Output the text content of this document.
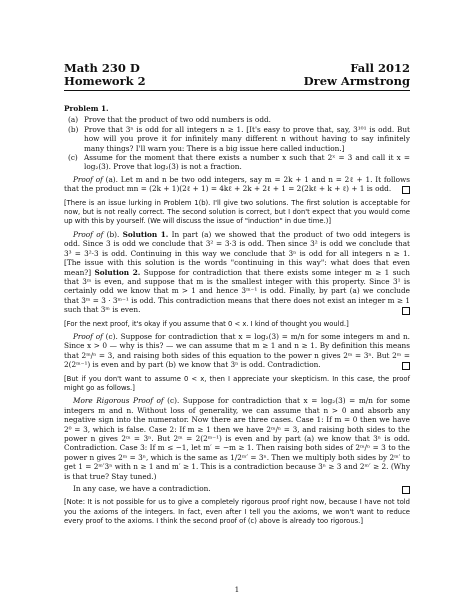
Math 230 D	Fall 2012
Homework 2	Drew Armstrong
Problem 1.
(a) Prove that the product of two odd numbers is odd.
(b) Prove that 3ⁿ is odd for all integers n ≥ 1. [It's easy to prove that, say, 3¹⁰¹ is odd. But how will you prove it for infinitely many different n without having to say infinitely many things? I'll warn you: There is a big issue here called induction.]
(c) Assume for the moment that there exists a number x such that 2ˣ = 3 and call it x = log₂(3). Prove that log₂(3) is not a fraction.
Proof of (a). Let m and n be two odd integers, say m = 2k + 1 and n = 2ℓ + 1. It follows that the product mn = (2k + 1)(2ℓ + 1) = 4kℓ + 2k + 2ℓ + 1 = 2(2kℓ + k + ℓ) + 1 is odd.
[There is an issue lurking in Problem 1(b). I'll give two solutions. The first solution is acceptable for now, but is not really correct. The second solution is correct, but I don't expect that you would come up with this by yourself. (We will discuss the issue of "induction" in due time.)]
Proof of (b). Solution 1. In part (a) we showed that the product of two odd integers is odd. Since 3 is odd we conclude that 3² = 3·3 is odd. Then since 3² is odd we conclude that 3³ = 3²·3 is odd. Continuing in this way we conclude that 3ⁿ is odd for all integers n ≥ 1. [The issue with this solution is the words "continuing in this way": what does that even mean?] Solution 2. Suppose for contradiction that there exists some integer m ≥ 1 such that 3ᵐ is even, and suppose that m is the smallest integer with this property. Since 3¹ is certainly odd we know that m > 1 and hence 3ᵐ⁻¹ is odd. Finally, by part (a) we conclude that 3ᵐ = 3 · 3ᵐ⁻¹ is odd. This contradiction means that there does not exist an integer m ≥ 1 such that 3ᵐ is even.
[For the next proof, it's okay if you assume that 0 < x. I kind of thought you would.]
Proof of (c). Suppose for contradiction that x = log₂(3) = m/n for some integers m and n. Since x > 0 — why is this? — we can assume that m ≥ 1 and n ≥ 1. By definition this means that 2ᵐ/ⁿ = 3, and raising both sides of this equation to the power n gives 2ᵐ = 3ⁿ. But 2ᵐ = 2(2ᵐ⁻¹) is even and by part (b) we know that 3ⁿ is odd. Contradiction.
[But if you don't want to assume 0 < x, then I appreciate your skepticism. In this case, the proof might go as follows.]
More Rigorous Proof of (c). Suppose for contradiction that x = log₂(3) = m/n for some integers m and n. Without loss of generality, we can assume that n > 0 and absorb any negative sign into the numerator. Now there are three cases. Case 1: If m = 0 then we have 2⁰ = 3, which is false. Case 2: If m ≥ 1 then we have 2ᵐ/ⁿ = 3, and raising both sides to the power n gives 2ᵐ = 3ⁿ. But 2ᵐ = 2(2ᵐ⁻¹) is even and by part (a) we know that 3ⁿ is odd. Contradiction. Case 3: If m ≤ −1, let m′ = −m ≥ 1. Then raising both sides of 2ᵐ/ⁿ = 3 to the power n gives 2ᵐ = 3ⁿ, which is the same as 1/2ᵐ′ = 3ⁿ. Then we multiply both sides by 2ᵐ′ to get 1 = 2ᵐ′3ⁿ with n ≥ 1 and m′ ≥ 1. This is a contradiction because 3ⁿ ≥ 3 and 2ᵐ′ ≥ 2. (Why is that true? Stay tuned.)
In any case, we have a contradiction.
[Note: It is not possible for us to give a completely rigorous proof right now, because I have not told you the axioms of the integers. In fact, even after I tell you the axioms, we won't want to reduce every proof to the axioms. I think the second proof of (c) above is already too rigorous.]
1
